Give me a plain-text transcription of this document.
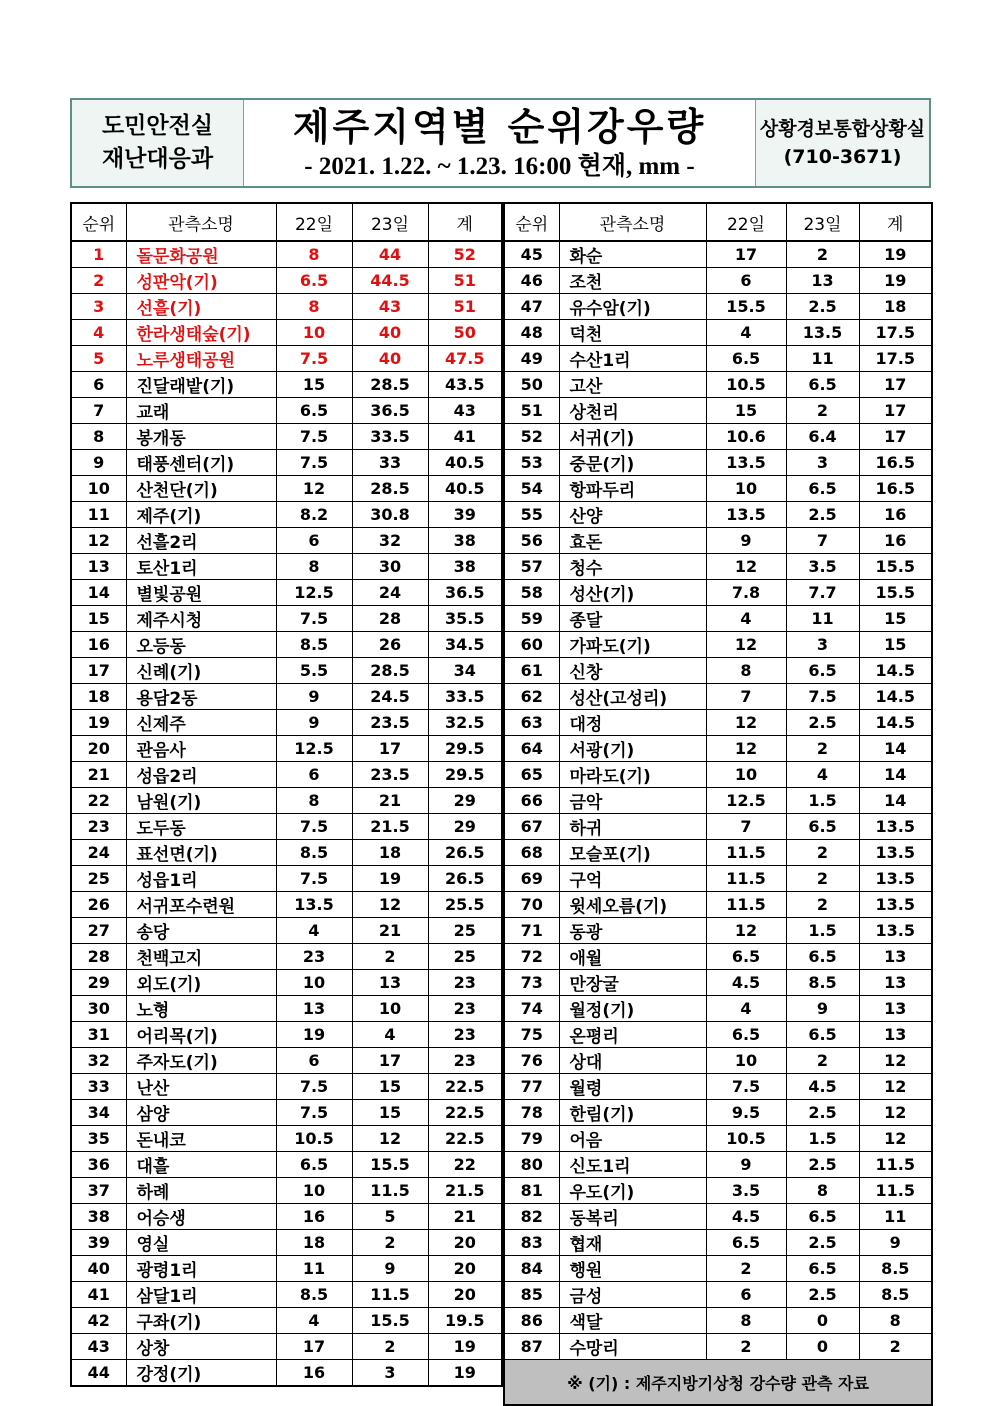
도민안전실
재난대응과
제주지역별 순위강우량
- 2021. 1.22. ~ 1.23. 16:00 현재, mm -
상황경보통합상황실
(710-3671)
순위	관측소명	22일	23일	계
1	돌문화공원	8	44	52
2	성판악(기)	6.5	44.5	51
3	선흘(기)	8	43	51
4	한라생태숲(기)	10	40	50
5	노루생태공원	7.5	40	47.5
6	진달래밭(기)	15	28.5	43.5
7	교래	6.5	36.5	43
8	봉개동	7.5	33.5	41
9	태풍센터(기)	7.5	33	40.5
10	산천단(기)	12	28.5	40.5
11	제주(기)	8.2	30.8	39
12	선흘2리	6	32	38
13	토산1리	8	30	38
14	별빛공원	12.5	24	36.5
15	제주시청	7.5	28	35.5
16	오등동	8.5	26	34.5
17	신례(기)	5.5	28.5	34
18	용담2동	9	24.5	33.5
19	신제주	9	23.5	32.5
20	관음사	12.5	17	29.5
21	성읍2리	6	23.5	29.5
22	남원(기)	8	21	29
23	도두동	7.5	21.5	29
24	표선면(기)	8.5	18	26.5
25	성읍1리	7.5	19	26.5
26	서귀포수련원	13.5	12	25.5
27	송당	4	21	25
28	천백고지	23	2	25
29	외도(기)	10	13	23
30	노형	13	10	23
31	어리목(기)	19	4	23
32	주자도(기)	6	17	23
33	난산	7.5	15	22.5
34	삼양	7.5	15	22.5
35	돈내코	10.5	12	22.5
36	대흘	6.5	15.5	22
37	하례	10	11.5	21.5
38	어승생	16	5	21
39	영실	18	2	20
40	광령1리	11	9	20
41	삼달1리	8.5	11.5	20
42	구좌(기)	4	15.5	19.5
43	상창	17	2	19
44	강정(기)	16	3	19
순위	관측소명	22일	23일	계
45	화순	17	2	19
46	조천	6	13	19
47	유수암(기)	15.5	2.5	18
48	덕천	4	13.5	17.5
49	수산1리	6.5	11	17.5
50	고산	10.5	6.5	17
51	상천리	15	2	17
52	서귀(기)	10.6	6.4	17
53	중문(기)	13.5	3	16.5
54	항파두리	10	6.5	16.5
55	산양	13.5	2.5	16
56	효돈	9	7	16
57	청수	12	3.5	15.5
58	성산(기)	7.8	7.7	15.5
59	종달	4	11	15
60	가파도(기)	12	3	15
61	신창	8	6.5	14.5
62	성산(고성리)	7	7.5	14.5
63	대정	12	2.5	14.5
64	서광(기)	12	2	14
65	마라도(기)	10	4	14
66	금악	12.5	1.5	14
67	하귀	7	6.5	13.5
68	모슬포(기)	11.5	2	13.5
69	구억	11.5	2	13.5
70	윗세오름(기)	11.5	2	13.5
71	동광	12	1.5	13.5
72	애월	6.5	6.5	13
73	만장굴	4.5	8.5	13
74	월정(기)	4	9	13
75	온평리	6.5	6.5	13
76	상대	10	2	12
77	월령	7.5	4.5	12
78	한림(기)	9.5	2.5	12
79	어음	10.5	1.5	12
80	신도1리	9	2.5	11.5
81	우도(기)	3.5	8	11.5
82	동복리	4.5	6.5	11
83	협재	6.5	2.5	9
84	행원	2	6.5	8.5
85	금성	6	2.5	8.5
86	색달	8	0	8
87	수망리	2	0	2
※ (기) : 제주지방기상청 강수량 관측 자료				
